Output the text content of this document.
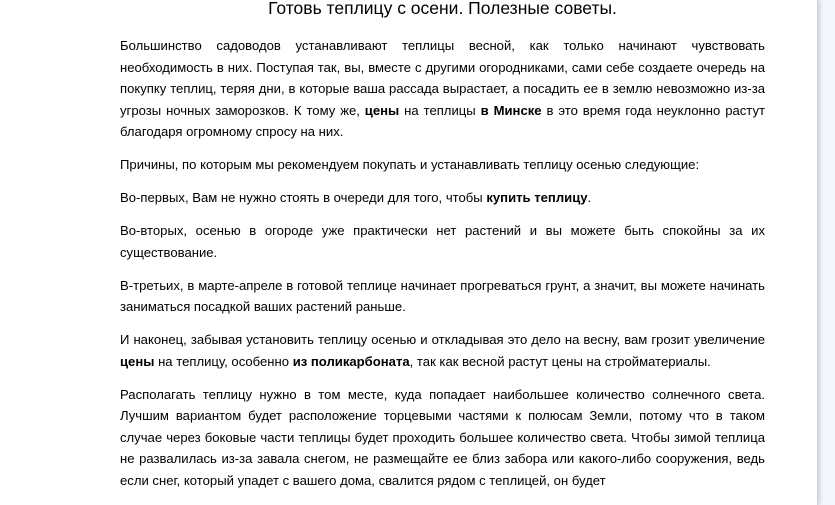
Готовь теплицу с осени. Полезные советы.

Большинство садоводов устанавливают теплицы весной, как только начинают чувствовать необходимость в них. Поступая так, вы, вместе с другими огородниками, сами себе создаете очередь на покупку теплиц, теряя дни, в которые ваша рассада вырастает, а посадить ее в землю невозможно из-за угрозы ночных заморозков. К тому же, цены на теплицы в Минске в это время года неуклонно растут благодаря огромному спросу на них.

Причины, по которым мы рекомендуем покупать и устанавливать теплицу осенью следующие:

Во-первых, Вам не нужно стоять в очереди для того, чтобы купить теплицу.

Во-вторых, осенью в огороде уже практически нет растений и вы можете быть спокойны за их существование.

В-третьих, в марте-апреле в готовой теплице начинает прогреваться грунт, а значит, вы можете начинать заниматься посадкой ваших растений раньше.

И наконец, забывая установить теплицу осенью и откладывая это дело на весну, вам грозит увеличение цены на теплицу, особенно из поликарбоната, так как весной растут цены на стройматериалы.

Располагать теплицу нужно в том месте, куда попадает наибольшее количество солнечного света. Лучшим вариантом будет расположение торцевыми частями к полюсам Земли, потому что в таком случае через боковые части теплицы будет проходить большее количество света. Чтобы зимой теплица не развалилась из-за завала снегом, не размещайте ее близ забора или какого-либо сооружения, ведь если снег, который упадет с вашего дома, свалится рядом с теплицей, он будет
